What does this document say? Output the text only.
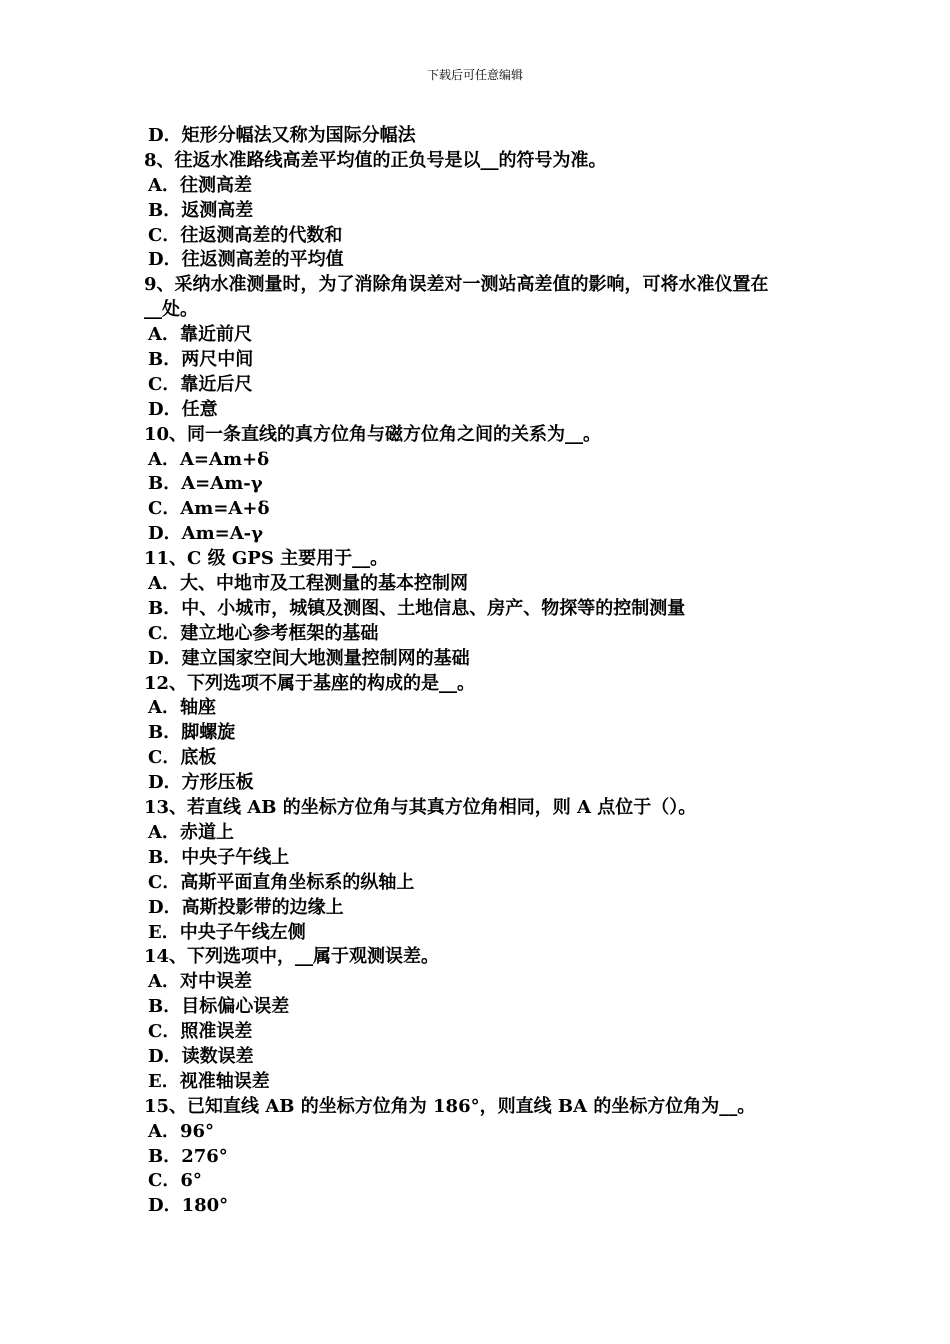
下载后可任意编辑
D．矩形分幅法又称为国际分幅法
8、往返水准路线高差平均值的正负号是以__的符号为准。
A．往测高差
B．返测高差
C．往返测高差的代数和
D．往返测高差的平均值
9、采纳水准测量时，为了消除角误差对一测站高差值的影响，可将水准仪置在
__处。
A．靠近前尺
B．两尺中间
C．靠近后尺
D．任意
10、同一条直线的真方位角与磁方位角之间的关系为__。
A．A=Am+δ
B．A=Am-γ
C．Am=A+δ
D．Am=A-γ
11、C 级 GPS 主要用于__。
A．大、中地市及工程测量的基本控制网
B．中、小城市，城镇及测图、土地信息、房产、物探等的控制测量
C．建立地心参考框架的基础
D．建立国家空间大地测量控制网的基础
12、下列选项不属于基座的构成的是__。
A．轴座
B．脚螺旋
C．底板
D．方形压板
13、若直线 AB 的坐标方位角与其真方位角相同，则 A 点位于（）。
A．赤道上
B．中央子午线上
C．高斯平面直角坐标系的纵轴上
D．高斯投影带的边缘上
E．中央子午线左侧
14、下列选项中，__属于观测误差。
A．对中误差
B．目标偏心误差
C．照准误差
D．读数误差
E．视准轴误差
15、已知直线 AB 的坐标方位角为 186°，则直线 BA 的坐标方位角为__。
A．96°
B．276°
C．6°
D．180°
